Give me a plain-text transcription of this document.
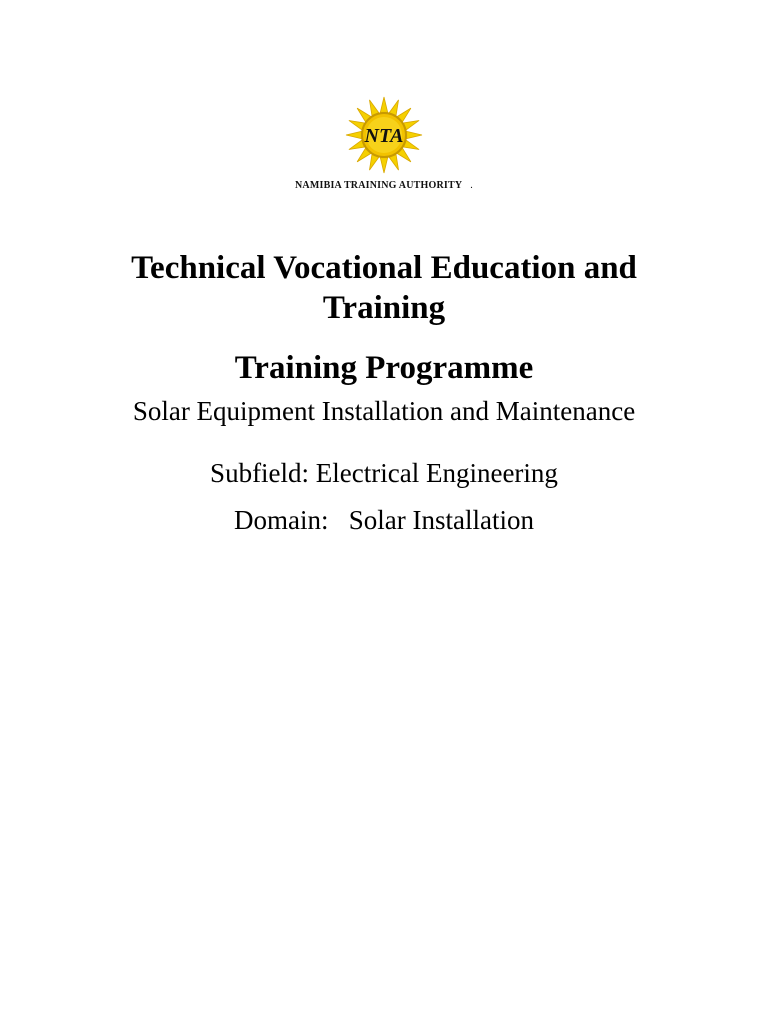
NTA
NAMIBIA TRAINING AUTHORITY .
Technical Vocational Education and Training
Training Programme

Solar Equipment Installation and Maintenance

Subfield: Electrical Engineering

Domain:   Solar Installation
